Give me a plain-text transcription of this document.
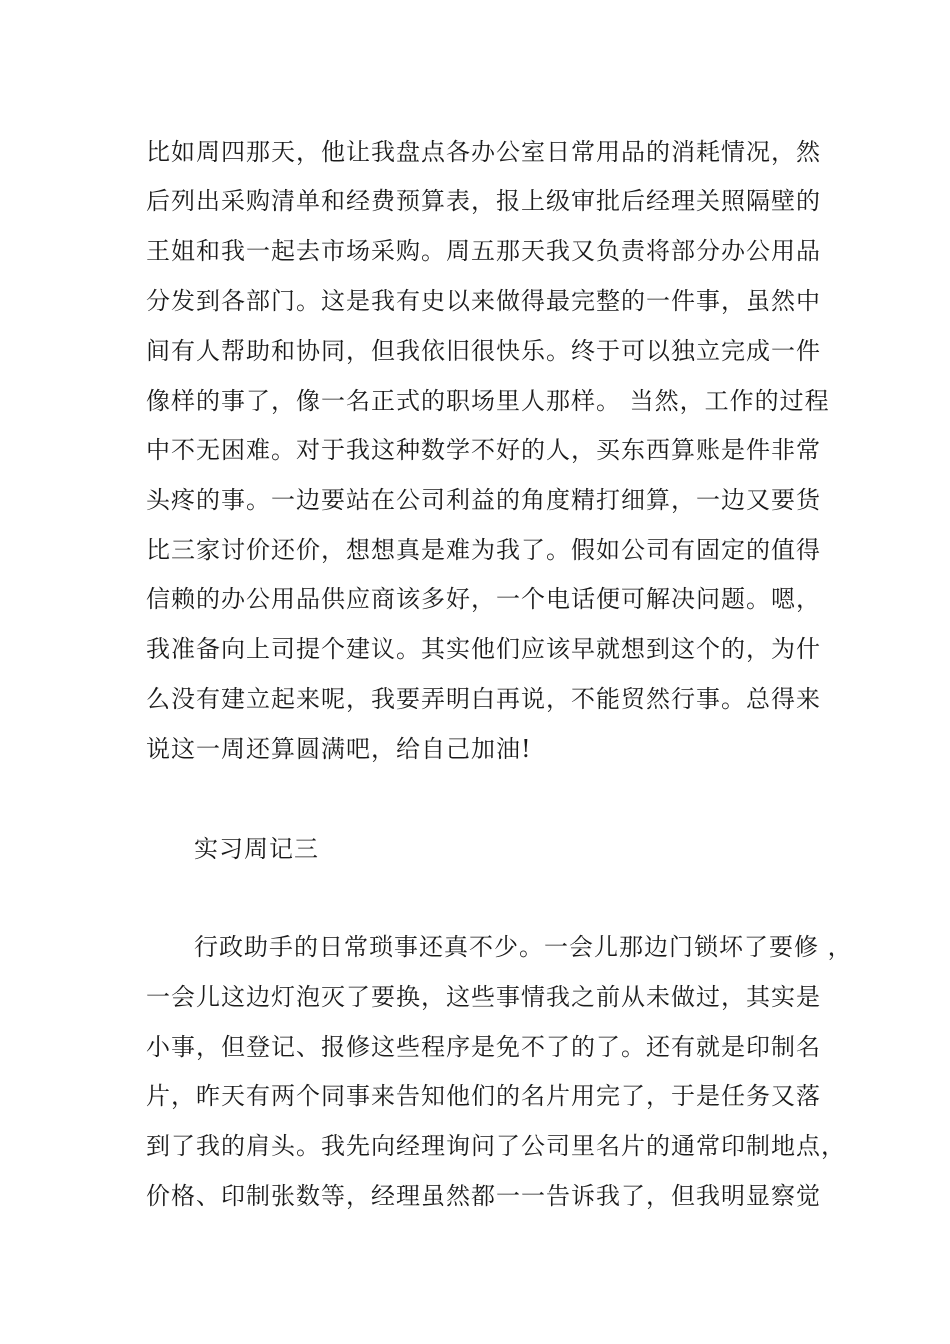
比如周四那天，他让我盘点各办公室日常用品的消耗情况，然
后列出采购清单和经费预算表，报上级审批后经理关照隔壁的
王姐和我一起去市场采购。周五那天我又负责将部分办公用品
分发到各部门。这是我有史以来做得最完整的一件事，虽然中
间有人帮助和协同，但我依旧很快乐。终于可以独立完成一件
像样的事了，像一名正式的职场里人那样。 当然，工作的过程
中不无困难。对于我这种数学不好的人，买东西算账是件非常
头疼的事。一边要站在公司利益的角度精打细算，一边又要货
比三家讨价还价，想想真是难为我了。假如公司有固定的值得
信赖的办公用品供应商该多好，一个电话便可解决问题。嗯，
我准备向上司提个建议。其实他们应该早就想到这个的，为什
么没有建立起来呢，我要弄明白再说，不能贸然行事。总得来
说这一周还算圆满吧，给自己加油!
实习周记三
行政助手的日常琐事还真不少。一会儿那边门锁坏了要修 ，
一会儿这边灯泡灭了要换，这些事情我之前从未做过，其实是
小事，但登记、报修这些程序是免不了的了。还有就是印制名
片，昨天有两个同事来告知他们的名片用完了，于是任务又落
到了我的肩头。我先向经理询问了公司里名片的通常印制地点，
价格、印制张数等，经理虽然都一一告诉我了，但我明显察觉
